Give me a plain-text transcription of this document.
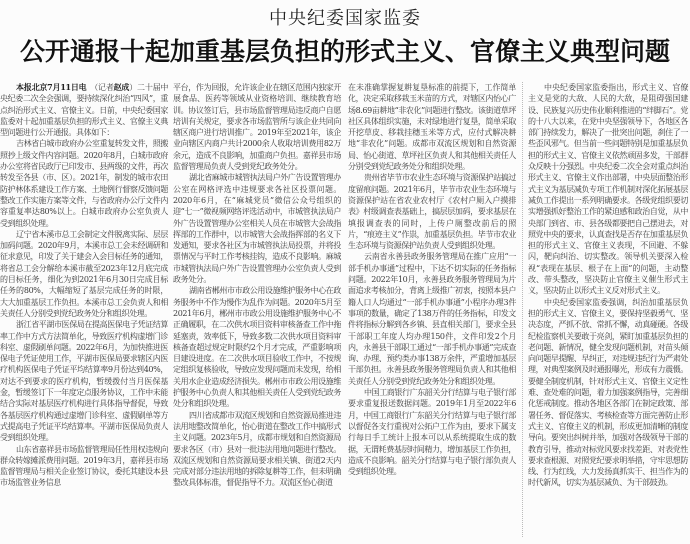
中央纪委国家监委
公开通报十起加重基层负担的形式主义、官僚主义典型问题

本报北京7月11日电　（记者赵成）二十届中央纪委二次全会强调，要持续深化纠治“四风”，重点纠治形式主义、官僚主义。日前，中央纪委国家监委对十起加重基层负担的形式主义、官僚主义典型问题进行公开通报。具体如下：

吉林省白城市政府办公室重复转发文件，照搬照抄上级文件内容问题。2020年8月，白城市政府办公室将省民政厅已印发市、县两级的文件，再次转发至各县（市、区）。2021年，制发的城市农田防护林体系建设工作方案、土地例行督察反馈问题整改工作实施方案等文件，与省政府办公厅文件内容重复率达80%以上。白城市政府办公室负责人受到组织处理。

辽宁省本溪市总工会制定文件脱离实际、层层加码问题。2020年9月，本溪市总工会未经调研和征求意见，印发了关于建会入会目标任务的通知，将省总工会分解给本溪市截至2023年12月底完成的目标任务，细化为到2021年6月30日完成目标任务的80%，大幅缩短了基层完成任务的时限，大大加重基层工作负担。本溪市总工会负责人和相关责任人分别受到党纪政务处分和组织处理。

浙江省平湖市医保局在提高医保电子凭证结算率工作中方式方法简单化，导致医疗机构虚增门诊科室、虚假刷单问题。2022年6月，为加快推进医保电子凭证使用工作，平湖市医保局要求辖区内医疗机构医保电子凭证平均结算率9月份达到40%，对达不到要求的医疗机构，暂缓拨付当月医保基金，暂缓签订下一年度定点服务协议，工作中未能结合实际对基层医疗机构进行具体指导督促，导致各基层医疗机构通过虚增门诊科室、虚假刷单等方式提高电子凭证平均结算率。平湖市医保局负责人受到组织处理。

山东省嘉祥县市场监督管理局任性用权违规向群众转嫁摊派费用问题。2019年3月，嘉祥县市场监督管理局与相关企业签订协议，委托其建设本县市场监管业务信息

平台，作为回报，允许该企业在辖区范围内独家开展食品、医药等领域从业资格培训、继续教育培训。协议签订后，县市场监督管理局违反商户自愿培训有关规定，要求各市场监管所与该企业共同向辖区商户进行培训推广。2019年至2021年，该企业向辖区内商户共计2000余人收取培训费用82万余元，造成不良影响，加重商户负担。嘉祥县市场监督管理局负责人受到党纪政务处分。

湖北省麻城市城管执法局户外广告设置管理办公室在网格评选中违规要求各社区投票问题。2020年6月，在“麻城党员”微信公众号组织的迎“七一”微视频网络评选活动中，市城管执法局户外广告设置管理办公室相关人员在市城管大会战指挥部的工作群中，以市城管大会战指挥部的名义下发通知，要求各社区为市城管执法局投票，并将投票情况与平时工作考核挂钩，造成不良影响。麻城市城管执法局户外广告设置管理办公室负责人受到政务处分。

湖南省郴州市市政公用设施维护服务中心在政务服务中不作为慢作为乱作为问题。2020年5月至2021年6月，郴州市市政公用设施维护服务中心不正确履职，在二次供水项目资料审核备查工作中拖延塞责，效率低下，导致多数二次供水项目资料审核备查超过规定时限约2个月才完成，严重影响项目建设进度。在二次供水项目验收工作中，不按规定组织复核验收，导致应发现问题而未发现，给相关用水企业造成经济损失。郴州市市政公用设施维护服务中心负责人和其他相关责任人受到党纪政务处分和组织处理。

四川省成都市双流区规划和自然资源局推进违法用地整改简单化，怡心街道在整改工作中搞形式主义问题。2023年5月，成都市规划和自然资源局要求各区（市）县对一批违法用地问题进行整改。双流区规划和自然资源局要求相关镇、街道2天内完成对部分违法用地的拆除复耕等工作，但未明确整改具体标准，督促指导不力。双流区怡心街道

在未准确掌握复耕复垦标准的前提下，工作简单化，决定采取移栽玉米苗的方式，对辖区内怡心广场8.69亩耕地“非农化”问题进行整改。该街道草坪社区具体组织实施，未对绿地进行复垦，简单采取开挖草皮、移栽挂穗玉米等方式，应付式解决耕地“非农化”问题。成都市双流区规划和自然资源局、怡心街道、草坪社区负责人和其他相关责任人分别受到党纪政务处分和组织处理。

贵州省毕节市农业生态环境与资源保护站搞过度留痕问题。2021年6月，毕节市农业生态环境与资源保护站在省农业农村厅《农村户厕入户摸排表》村级调查表基础上，搞层层加码，要求基层在填报调查表的同时，上传户厕整改前后的照片，“痕迹主义”作祟，加重基层负担。毕节市农业生态环境与资源保护站负责人受到组织处理。

云南省永善县政务服务管理局在推广应用“一部手机办事通”过程中，下达不切实际的任务指标问题。2022年10月，永善县政务服务管理局为片面追求考核加分，背离上级推广初衷，按照本县户籍人口人均通过“一部手机办事通”小程序办理3件事项的数量，确定了138万件的任务指标，印发文件将指标分解到各乡镇、县直相关部门，要求全县干部职工年度人均办理150件，文件印发2个月内，永善县干部职工通过“一部手机办事通”完成查询、办理、预约类办事138万余件，严重增加基层干部负担。永善县政务服务管理局负责人和其他相关责任人分别受到党纪政务处分和组织处理。

中国工商银行广东韶关分行结算与电子银行部要求重复报送数据问题。2019年1月至2022年6月，中国工商银行广东韶关分行结算与电子银行部以督促各支行重视对公拓户工作为由，要求下属支行每日手工统计上报本可以从系统提取生成的数据，无谓耗费基层时间精力，增加基层工作负担，造成不良影响。韶关分行结算与电子银行部负责人受到组织处理。

中央纪委国家监委指出，形式主义、官僚主义是党的大敌、人民的大敌，是阻碍强国建设、民族复兴历史伟业顺利推进的“绊脚石”。党的十八大以来，在党中央坚强领导下，各地区各部门持续发力，解决了一批突出问题，刹住了一些歪风邪气。但当前一些问题特别是加重基层负担的形式主义、官僚主义依然顽固多发，干部群众反映十分强烈。中央纪委二次全会对重点纠治形式主义、官僚主义作出部署，中央层面整治形式主义为基层减负专项工作机制对深化拓展基层减负工作提出一系列明确要求。各级党组织要切实增强抓好整治工作的紧迫感和政治自觉，从中央部门到省、市、县各级都要把自己摆进去，对照党中央的要求，认真查找是否存在加重基层负担的形式主义、官僚主义表现，不回避、不躲闪，靶向纠治、切实整改。领导机关要深入检视“表现在基层、根子在上面”的问题，主动整改、带头整改，坚决防止官僚主义催生形式主义，坚决防止以形式主义反对形式主义。

中央纪委国家监委强调，纠治加重基层负担的形式主义、官僚主义，要保持坚毅勇气、坚决态度，严抓不放、常抓不懈，动真碰硬。各级纪检监察机关要敢于亮剑，紧盯加重基层负担的老问题、新情况，健全发现问题机制，对苗头倾向问题早提醒、早纠正，对违规违纪行为严肃处理，对典型案例及时通报曝光，形成有力震慑。要健全制度机制，针对形式主义、官僚主义定性难、查处难的问题，着力加强案例指导，完善细化惩戒制度。推动各地区各部门在制定政策、部署任务、督促落实、考核检查等方面完善防止形式主义、官僚主义的机制，形成更加清晰的制度导向。要突出纠树并举，加强对各级领导干部的教育引导，推动对标党风要求找差距、对表党性要求查根源、对照党纪要求明举措，守牢思想防线、行为红线，大力发扬真抓实干、担当作为的时代新风，切实为基层减负、为干部鼓劲。
